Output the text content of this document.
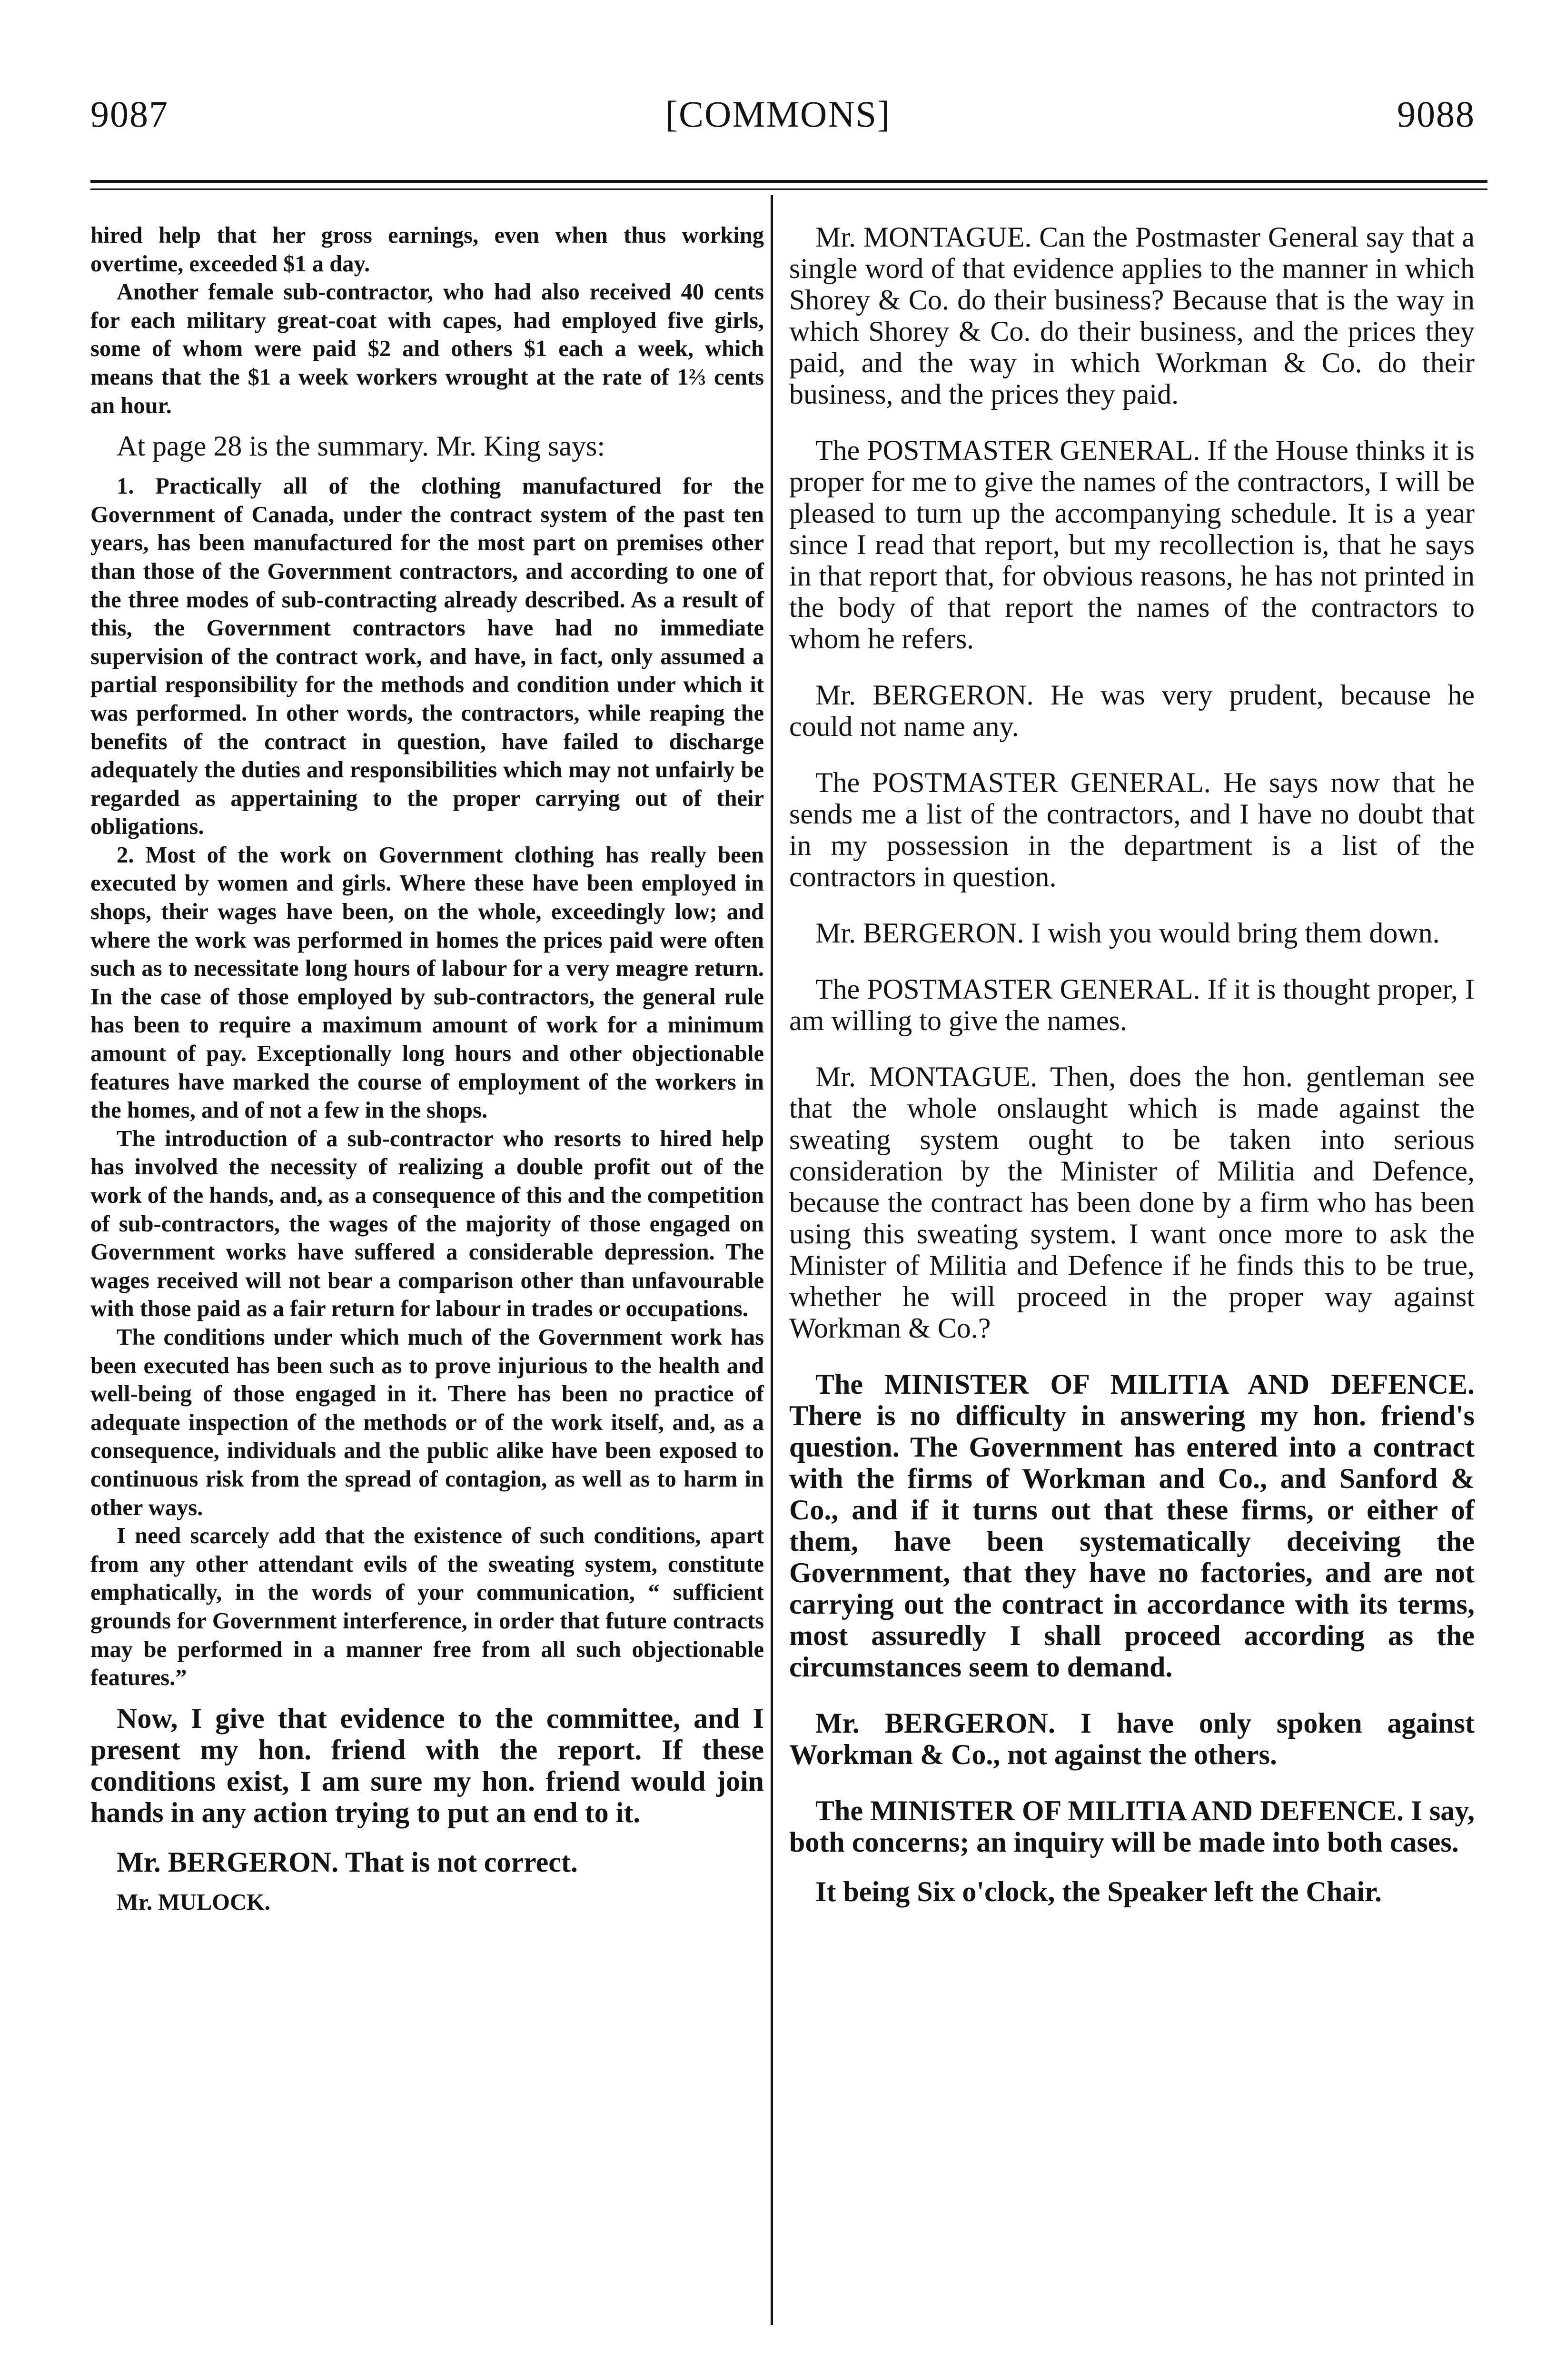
9087	[COMMONS]	9088

hired help that her gross earnings, even when thus working overtime, exceeded $1 a day.

Another female sub-contractor, who had also received 40 cents for each military great-coat with capes, had employed five girls, some of whom were paid $2 and others $1 each a week, which means that the $1 a week workers wrought at the rate of 1⅔ cents an hour.

At page 28 is the summary. Mr. King says:

1. Practically all of the clothing manufactured for the Government of Canada, under the contract system of the past ten years, has been manufactured for the most part on premises other than those of the Government contractors, and according to one of the three modes of sub-contracting already described. As a result of this, the Government contractors have had no immediate supervision of the contract work, and have, in fact, only assumed a partial responsibility for the methods and condition under which it was performed. In other words, the contractors, while reaping the benefits of the contract in question, have failed to discharge adequately the duties and responsibilities which may not unfairly be regarded as appertaining to the proper carrying out of their obligations.

2. Most of the work on Government clothing has really been executed by women and girls. Where these have been employed in shops, their wages have been, on the whole, exceedingly low; and where the work was performed in homes the prices paid were often such as to necessitate long hours of labour for a very meagre return. In the case of those employed by sub-contractors, the general rule has been to require a maximum amount of work for a minimum amount of pay. Exceptionally long hours and other objectionable features have marked the course of employment of the workers in the homes, and of not a few in the shops.

The introduction of a sub-contractor who resorts to hired help has involved the necessity of realizing a double profit out of the work of the hands, and, as a consequence of this and the competition of sub-contractors, the wages of the majority of those engaged on Government works have suffered a considerable depression. The wages received will not bear a comparison other than unfavourable with those paid as a fair return for labour in trades or occupations.

The conditions under which much of the Government work has been executed has been such as to prove injurious to the health and well-being of those engaged in it. There has been no practice of adequate inspection of the methods or of the work itself, and, as a consequence, individuals and the public alike have been exposed to continuous risk from the spread of contagion, as well as to harm in other ways.

I need scarcely add that the existence of such conditions, apart from any other attendant evils of the sweating system, constitute emphatically, in the words of your communication, “ sufficient grounds for Government interference, in order that future contracts may be performed in a manner free from all such objectionable features.”

Now, I give that evidence to the committee, and I present my hon. friend with the report. If these conditions exist, I am sure my hon. friend would join hands in any action trying to put an end to it.

Mr. BERGERON. That is not correct.

Mr. MULOCK.

Mr. MONTAGUE. Can the Postmaster General say that a single word of that evidence applies to the manner in which Shorey & Co. do their business? Because that is the way in which Shorey & Co. do their business, and the prices they paid, and the way in which Workman & Co. do their business, and the prices they paid.

The POSTMASTER GENERAL. If the House thinks it is proper for me to give the names of the contractors, I will be pleased to turn up the accompanying schedule. It is a year since I read that report, but my recollection is, that he says in that report that, for obvious reasons, he has not printed in the body of that report the names of the contractors to whom he refers.

Mr. BERGERON. He was very prudent, because he could not name any.

The POSTMASTER GENERAL. He says now that he sends me a list of the contractors, and I have no doubt that in my possession in the department is a list of the contractors in question.

Mr. BERGERON. I wish you would bring them down.

The POSTMASTER GENERAL. If it is thought proper, I am willing to give the names.

Mr. MONTAGUE. Then, does the hon. gentleman see that the whole onslaught which is made against the sweating system ought to be taken into serious consideration by the Minister of Militia and Defence, because the contract has been done by a firm who has been using this sweating system. I want once more to ask the Minister of Militia and Defence if he finds this to be true, whether he will proceed in the proper way against Workman & Co.?

The MINISTER OF MILITIA AND DEFENCE. There is no difficulty in answering my hon. friend's question. The Government has entered into a contract with the firms of Workman and Co., and Sanford & Co., and if it turns out that these firms, or either of them, have been systematically deceiving the Government, that they have no factories, and are not carrying out the contract in accordance with its terms, most assuredly I shall proceed according as the circumstances seem to demand.

Mr. BERGERON. I have only spoken against Workman & Co., not against the others.

The MINISTER OF MILITIA AND DEFENCE. I say, both concerns; an inquiry will be made into both cases.

It being Six o'clock, the Speaker left the Chair.
